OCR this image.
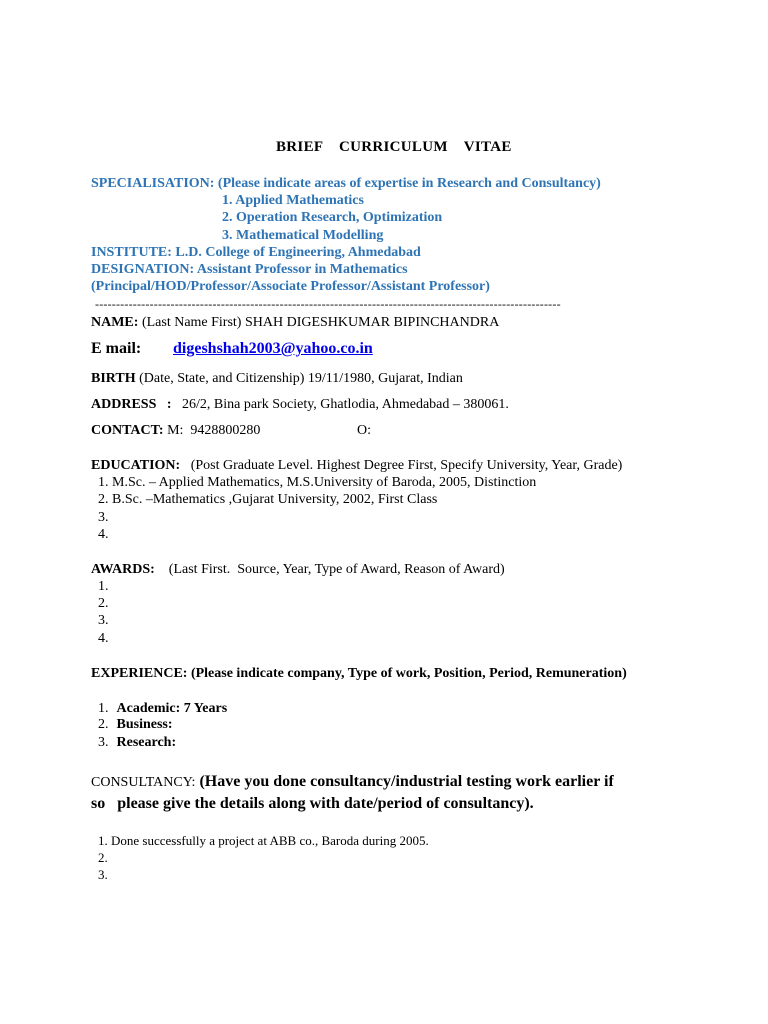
BRIEF    CURRICULUM    VITAE
SPECIALISATION: (Please indicate areas of expertise in Research and Consultancy)
1. Applied Mathematics
2. Operation Research, Optimization
3. Mathematical Modelling
INSTITUTE: L.D. College of Engineering, Ahmedabad
DESIGNATION: Assistant Professor in Mathematics
(Principal/HOD/Professor/Associate Professor/Assistant Professor)
---------------------------------------------------------------------------------------------------------------
NAME: (Last Name First) SHAH DIGESHKUMAR BIPINCHANDRA
E mail: digeshshah2003@yahoo.co.in
BIRTH (Date, State, and Citizenship) 19/11/1980, Gujarat, Indian
ADDRESS   :   26/2, Bina park Society, Ghatlodia, Ahmedabad – 380061.
CONTACT: M:  9428800280	O:
EDUCATION:   (Post Graduate Level. Highest Degree First, Specify University, Year, Grade)
1. M.Sc. – Applied Mathematics, M.S.University of Baroda, 2005, Distinction
2. B.Sc. –Mathematics ,Gujarat University, 2002, First Class
3.
4.
AWARDS:    (Last First.  Source, Year, Type of Award, Reason of Award)
1.
2.
3.
4.
EXPERIENCE: (Please indicate company, Type of work, Position, Period, Remuneration)
1. Academic: 7 Years
2. Business:
3. Research:
CONSULTANCY: (Have you done consultancy/industrial testing work earlier if
so   please give the details along with date/period of consultancy).
1. Done successfully a project at ABB co., Baroda during 2005.
2.
3.
